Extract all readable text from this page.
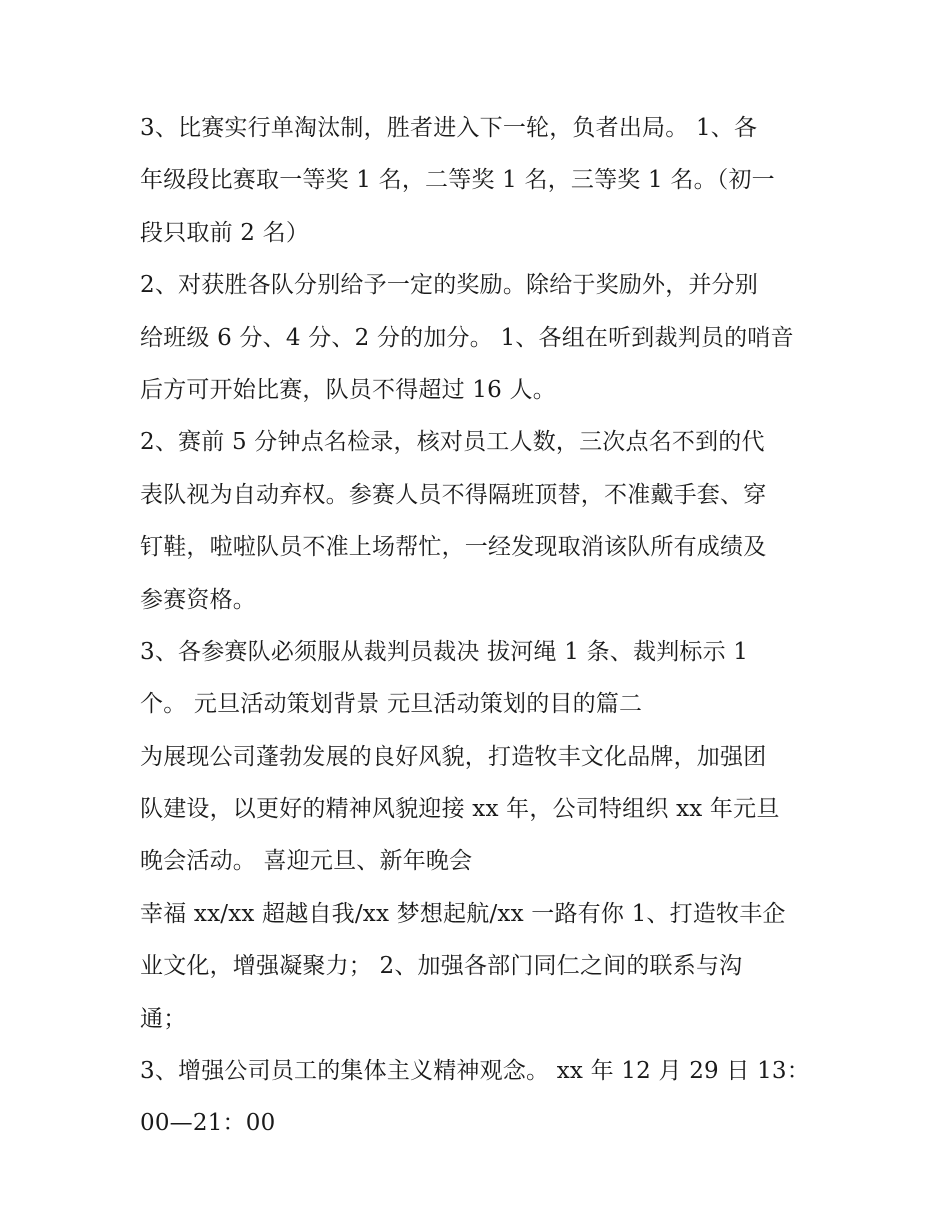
3、比赛实行单淘汰制，胜者进入下一轮，负者出局。 1、各
年级段比赛取一等奖 1 名，二等奖 1 名，三等奖 1 名。（初一
段只取前 2 名）
2、对获胜各队分别给予一定的奖励。除给于奖励外，并分别
给班级 6 分、4 分、2 分的加分。 1、各组在听到裁判员的哨音
后方可开始比赛，队员不得超过 16 人。
2、赛前 5 分钟点名检录，核对员工人数，三次点名不到的代
表队视为自动弃权。参赛人员不得隔班顶替，不准戴手套、穿
钉鞋，啦啦队员不准上场帮忙，一经发现取消该队所有成绩及
参赛资格。
3、各参赛队必须服从裁判员裁决 拔河绳 1 条、裁判标示 1
个。 元旦活动策划背景 元旦活动策划的目的篇二
为展现公司蓬勃发展的良好风貌，打造牧丰文化品牌，加强团
队建设，以更好的精神风貌迎接 xx 年，公司特组织 xx 年元旦
晚会活动。 喜迎元旦、新年晚会
幸福 xx/xx 超越自我/xx 梦想起航/xx 一路有你 1、打造牧丰企
业文化，增强凝聚力； 2、加强各部门同仁之间的联系与沟
通；
3、增强公司员工的集体主义精神观念。 xx 年 12 月 29 日 13：
00—21：00
